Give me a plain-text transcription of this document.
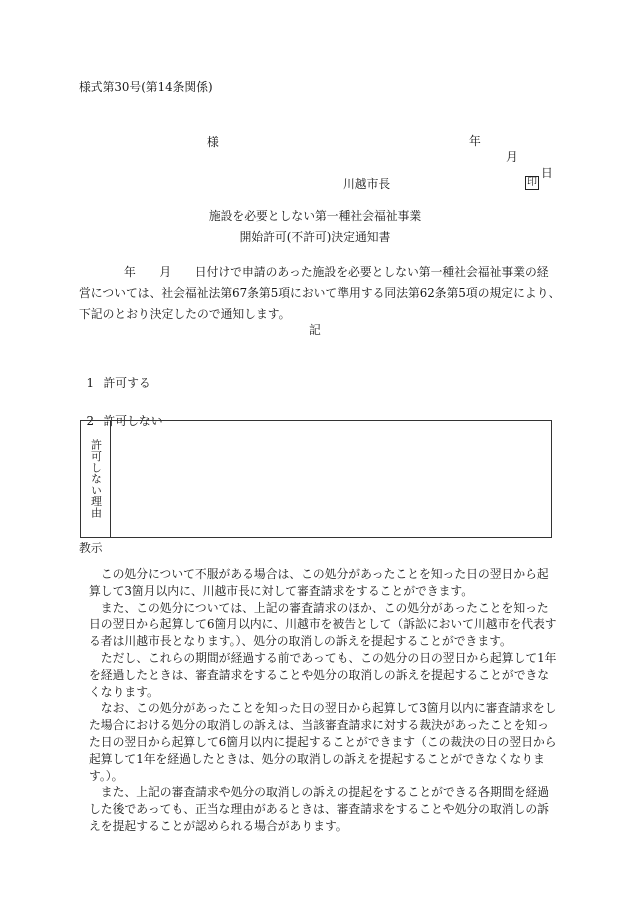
様式第30号(第14条関係)

年

月

日

様
川越市長	印
施設を必要としない第一種社会福祉事業
開始許可(不許可)決定通知書
年　　月　　日付けで申請のあった施設を必要としない第一種社会福祉事業の経
営については、社会福祉法第67条第5項において準用する同法第62条第5項の規定により、
下記のとおり決定したので通知します。
記

1 許可する

2 許可しない

許可しない理由
教示
この処分について不服がある場合は、この処分があったことを知った日の翌日から起
算して3箇月以内に、川越市長に対して審査請求をすることができます。
また、この処分については、上記の審査請求のほか、この処分があったことを知った
日の翌日から起算して6箇月以内に、川越市を被告として（訴訟において川越市を代表す
る者は川越市長となります。）、処分の取消しの訴えを提起することができます。
ただし、これらの期間が経過する前であっても、この処分の日の翌日から起算して1年
を経過したときは、審査請求をすることや処分の取消しの訴えを提起することができな
くなります。
なお、この処分があったことを知った日の翌日から起算して3箇月以内に審査請求をし
た場合における処分の取消しの訴えは、当該審査請求に対する裁決があったことを知っ
た日の翌日から起算して6箇月以内に提起することができます（この裁決の日の翌日から
起算して1年を経過したときは、処分の取消しの訴えを提起することができなくなりま
す。）。
また、上記の審査請求や処分の取消しの訴えの提起をすることができる各期間を経過
した後であっても、正当な理由があるときは、審査請求をすることや処分の取消しの訴
えを提起することが認められる場合があります。
